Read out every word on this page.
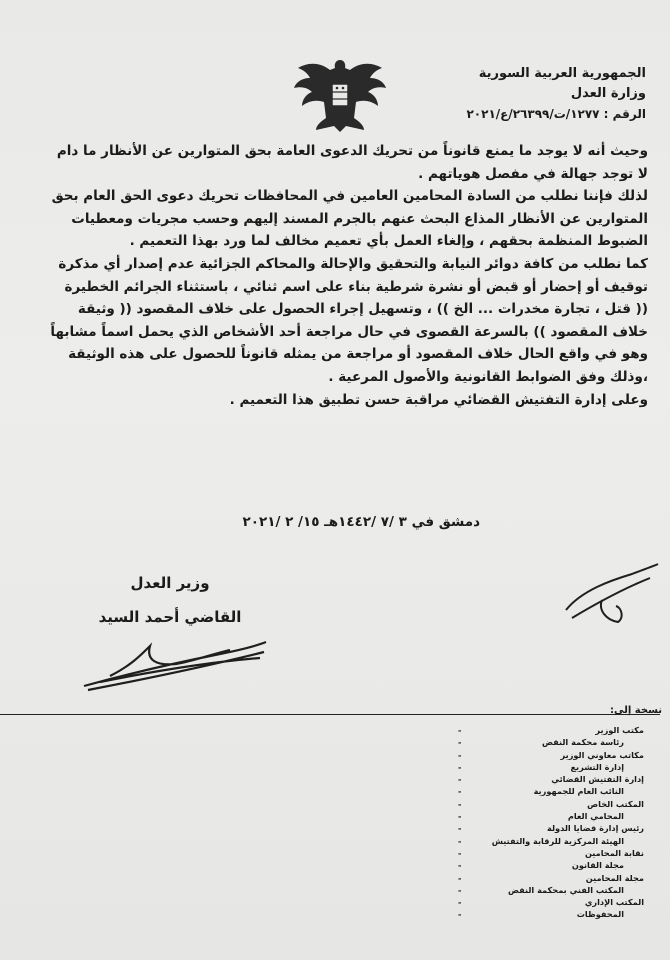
الجمهورية العربية السورية
وزارة العدل
الرقم : ١٢٧٧/ت/٢٦٣٩٩/ع/٢٠٢١

وحيث أنه لا يوجد ما يمنع قانوناً من تحريك الدعوى العامة بحق المتوارين عن الأنظار ما دام

لا توجد جهالة في مفصل هوياتهم .

لذلك فإننا نطلب من السادة المحامين العامين في المحافظات تحريك دعوى الحق العام بحق

المتوارين عن الأنظار المذاع البحث عنهم بالجرم المسند إليهم وحسب مجريات ومعطيات

الضبوط المنظمة بحقهم ، وإلغاء العمل بأي تعميم مخالف لما ورد بهذا التعميم .

كما نطلب من كافة دوائر النيابة والتحقيق والإحالة والمحاكم الجزائية عدم إصدار أي مذكرة

توقيف أو إحضار أو قبض أو نشرة شرطية بناء على اسم ثنائي ، باستثناء الجرائم الخطيرة

(( قتل ، تجارة مخدرات ... الخ )) ، وتسهيل إجراء الحصول على خلاف المقصود (( وثيقة

خلاف المقصود )) بالسرعة القصوى في حال مراجعة أحد الأشخاص الذي يحمل اسماً مشابهاً

وهو في واقع الحال خلاف المقصود أو مراجعة من يمثله قانوناً للحصول على هذه الوثيقة

،وذلك وفق الضوابط القانونية والأصول المرعية .

وعلى إدارة التفتيش القضائي مراقبة حسن تطبيق هذا التعميم .

دمشق في ٣ /٧ /١٤٤٢هـ ١٥/ ٢ /٢٠٢١
وزير العدل
القاضي أحمد السيد
نسخة إلى:
مكتب الوزير
-
رئاسة محكمة النقض
-
مكاتب معاوني الوزير
-
إدارة التشريع
-
إدارة التفتيش القضائي
-
النائب العام للجمهورية
-
المكتب الخاص
-
المحامي العام
-
رئيس إدارة قضايا الدولة
-
الهيئة المركزية للرقابة والتفتيش
-
نقابة المحامين
-
مجلة القانون
-
مجلة المحامين
-
المكتب الفني بمحكمة النقض
-
المكتب الإداري
-
المحفوظات
-
